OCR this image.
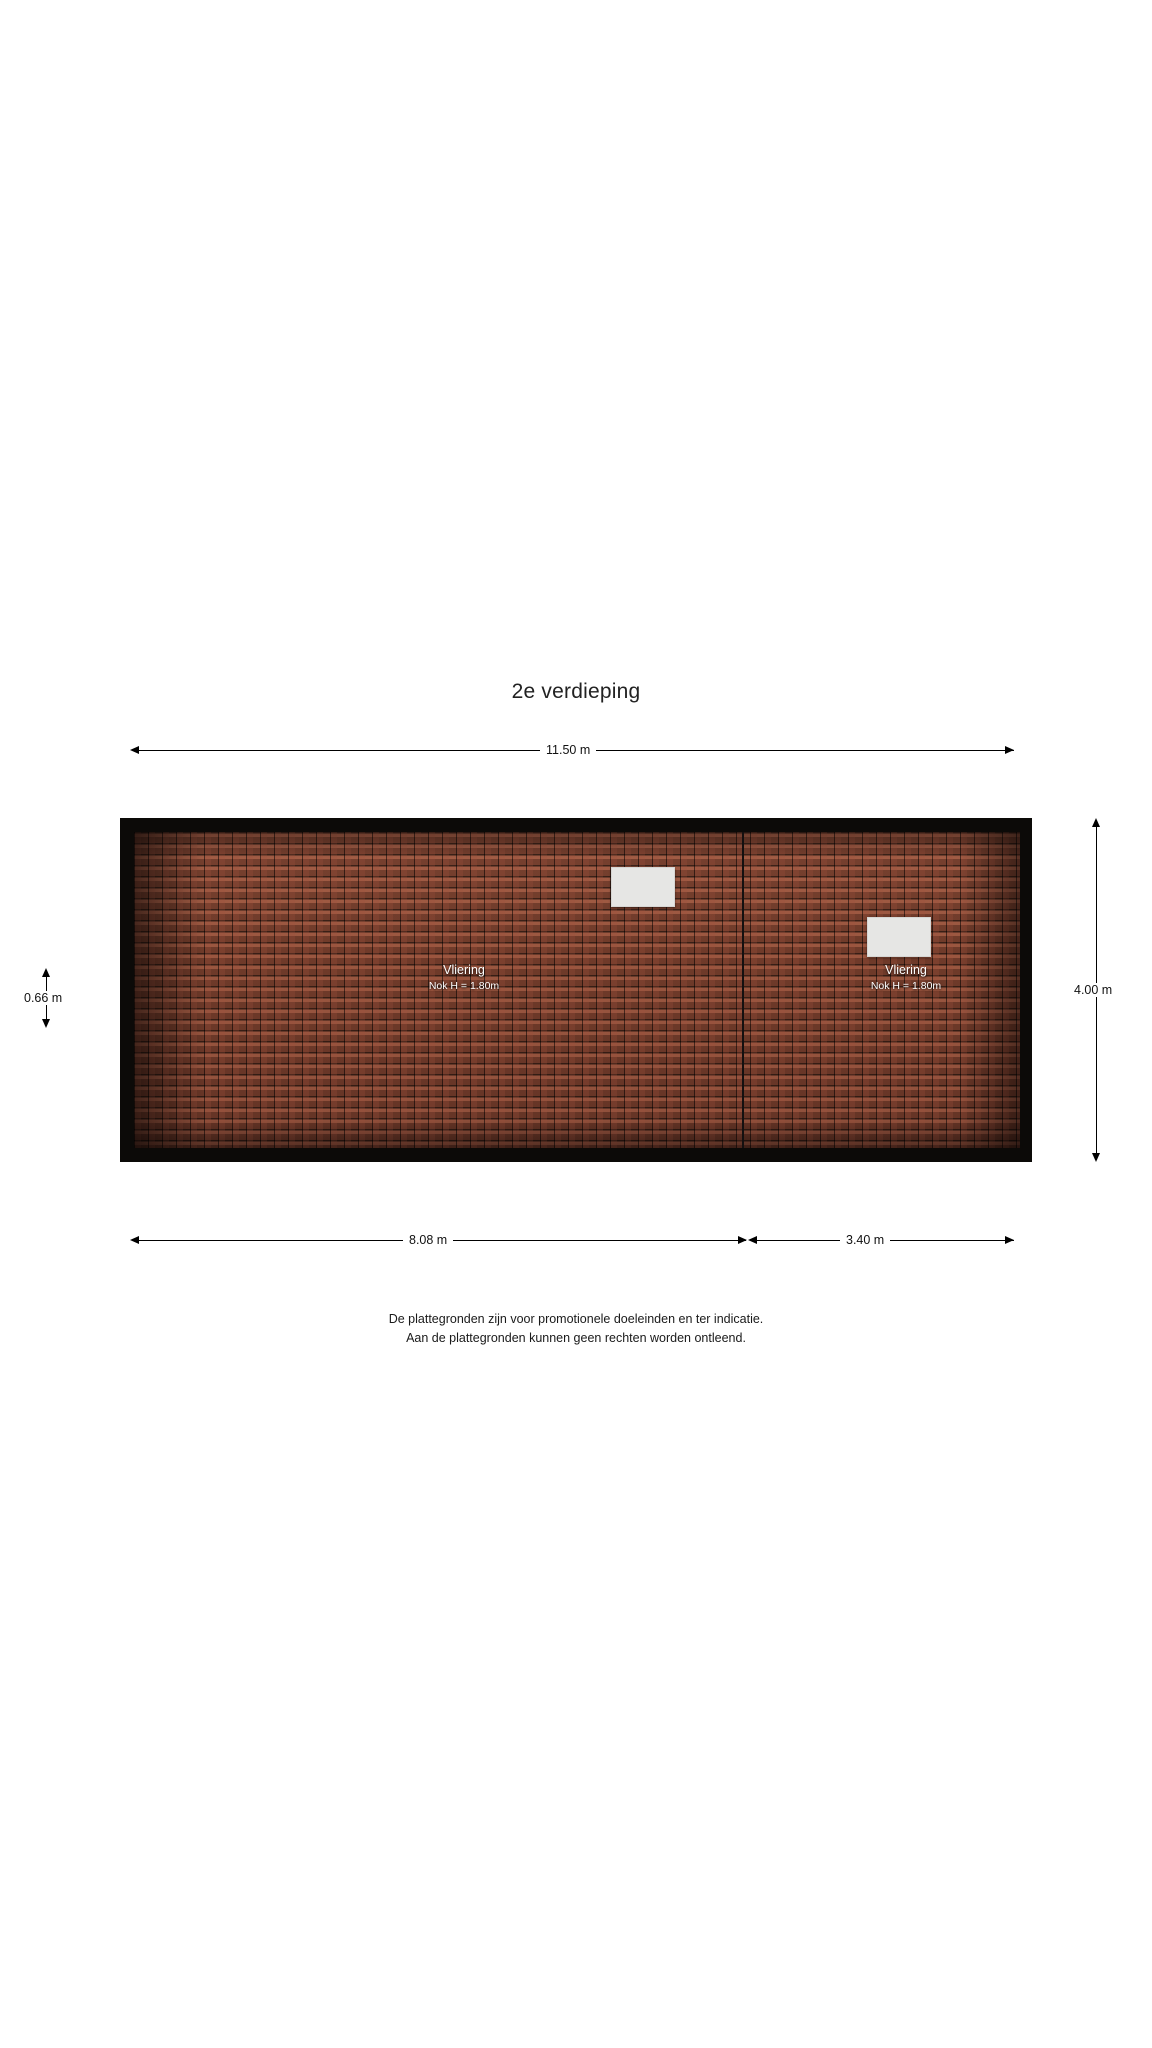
2e verdieping
11.50 m
0.66 m
4.00 m
Vliering
Nok H = 1.80m
Vliering
Nok H = 1.80m
8.08 m	3.40 m
De plattegronden zijn voor promotionele doeleinden en ter indicatie.
Aan de plattegronden kunnen geen rechten worden ontleend.
